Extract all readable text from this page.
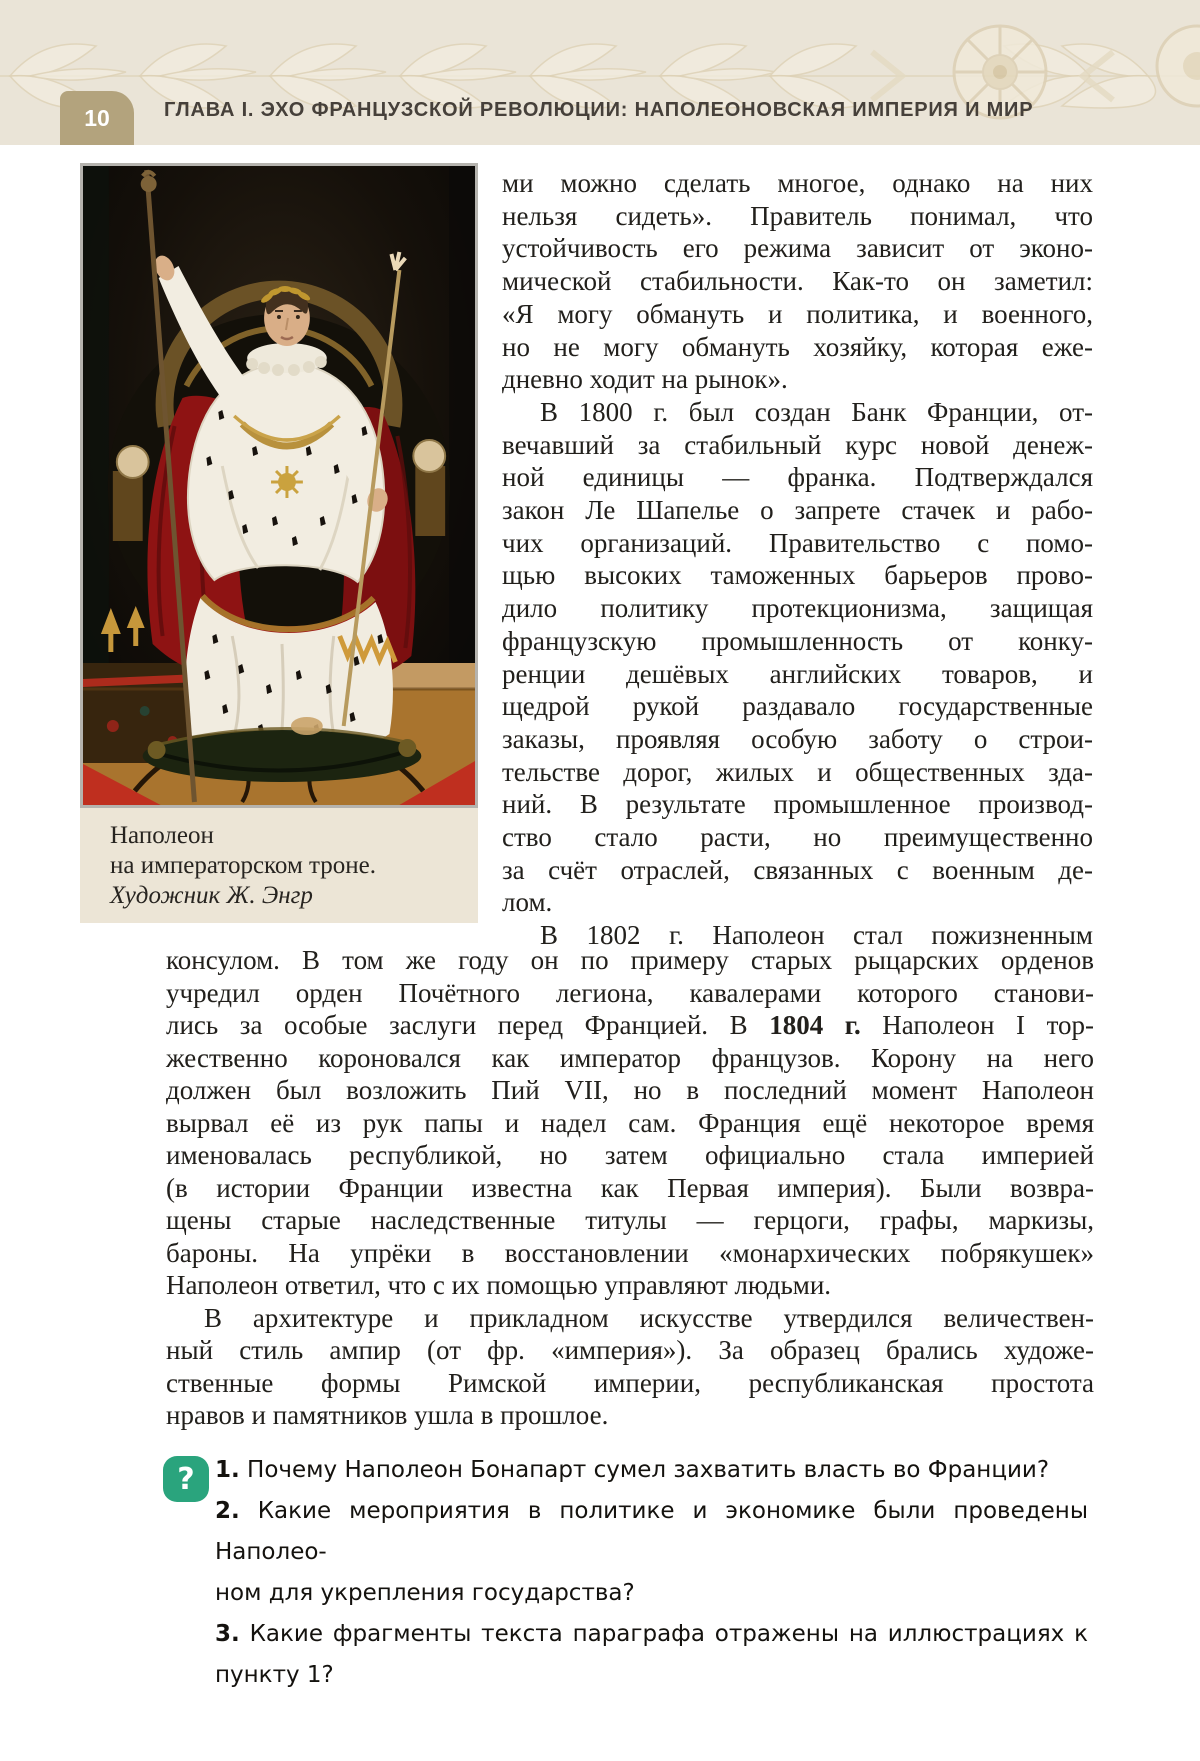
10	ГЛАВА I. ЭХО ФРАНЦУЗСКОЙ РЕВОЛЮЦИИ: НАПОЛЕОНОВСКАЯ ИМПЕРИЯ И МИР
Наполеон
на императорском троне.
Художник Ж. Энгр
ми можно сделать многое, однако на них
нельзя сидеть». Правитель понимал, что
устойчивость его режима зависит от эконо-
мической стабильности. Как-то он заметил:
«Я могу обмануть и политика, и военного,
но не могу обмануть хозяйку, которая еже-
дневно ходит на рынок».
В 1800 г. был создан Банк Франции, от-
вечавший за стабильный курс новой денеж-
ной единицы — франка. Подтверждался
закон Ле Шапелье о запрете стачек и рабо-
чих организаций. Правительство с помо-
щью высоких таможенных барьеров прово-
дило политику протекционизма, защищая
французскую промышленность от конку-
ренции дешёвых английских товаров, и
щедрой рукой раздавало государственные
заказы, проявляя особую заботу о строи-
тельстве дорог, жилых и общественных зда-
ний. В результате промышленное производ-
ство стало расти, но преимущественно
за счёт отраслей, связанных с военным де-
лом.
В 1802 г. Наполеон стал пожизненным
консулом. В том же году он по примеру старых рыцарских орденов
учредил орден Почётного легиона, кавалерами которого станови-
лись за особые заслуги перед Францией. В 1804 г. Наполеон I тор-
жественно короновался как император французов. Корону на него
должен был возложить Пий VII, но в последний момент Наполеон
вырвал её из рук папы и надел сам. Франция ещё некоторое время
именовалась республикой, но затем официально стала империей
(в истории Франции известна как Первая империя). Были возвра-
щены старые наследственные титулы — герцоги, графы, маркизы,
бароны. На упрёки в восстановлении «монархических побрякушек»
Наполеон ответил, что с их помощью управляют людьми.
В архитектуре и прикладном искусстве утвердился величествен-
ный стиль ампир (от фр. «империя»). За образец брались художе-
ственные формы Римской империи, республиканская простота
нравов и памятников ушла в прошлое.
? 1. Почему Наполеон Бонапарт сумел захватить власть во Франции?
2. Какие мероприятия в политике и экономике были проведены Наполео-
ном для укрепления государства?
3. Какие фрагменты текста параграфа отражены на иллюстрациях к
пункту 1?
